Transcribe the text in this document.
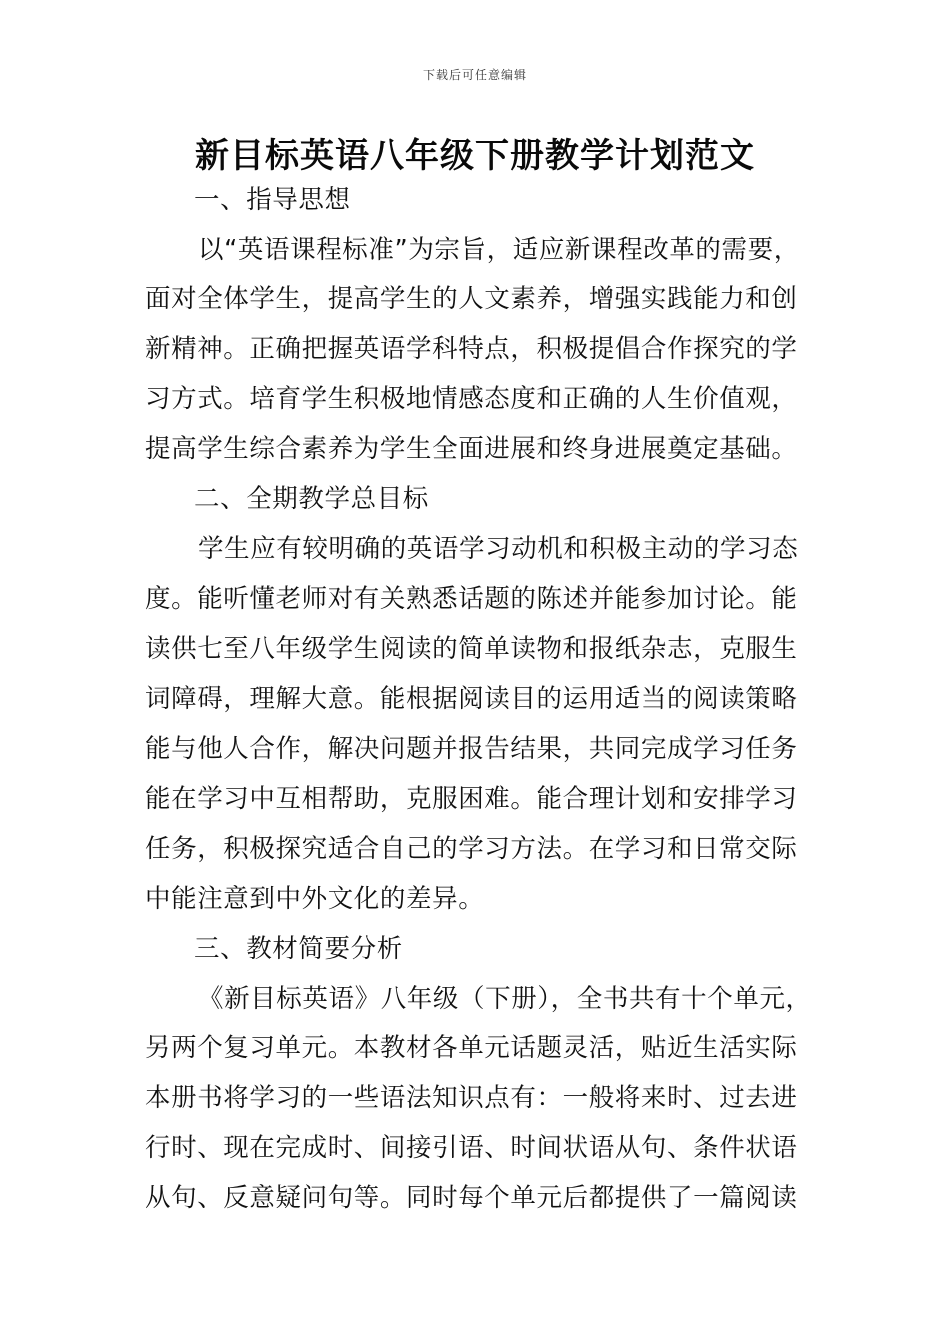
下载后可任意编辑
新目标英语八年级下册教学计划范文
一、指导思想
以“英语课程标准”为宗旨，适应新课程改革的需要，
面对全体学生，提高学生的人文素养，增强实践能力和创
新精神。正确把握英语学科特点，积极提倡合作探究的学
习方式。培育学生积极地情感态度和正确的人生价值观，
提高学生综合素养为学生全面进展和终身进展奠定基础。
二、全期教学总目标
学生应有较明确的英语学习动机和积极主动的学习态
度。能听懂老师对有关熟悉话题的陈述并能参加讨论。能
读供七至八年级学生阅读的简单读物和报纸杂志，克服生
词障碍，理解大意。能根据阅读目的运用适当的阅读策略
能与他人合作，解决问题并报告结果，共同完成学习任务
能在学习中互相帮助，克服困难。能合理计划和安排学习
任务，积极探究适合自己的学习方法。在学习和日常交际
中能注意到中外文化的差异。
三、教材简要分析
《新目标英语》八年级（下册），全书共有十个单元，
另两个复习单元。本教材各单元话题灵活，贴近生活实际
本册书将学习的一些语法知识点有：一般将来时、过去进
行时、现在完成时、间接引语、时间状语从句、条件状语
从句、反意疑问句等。同时每个单元后都提供了一篇阅读
